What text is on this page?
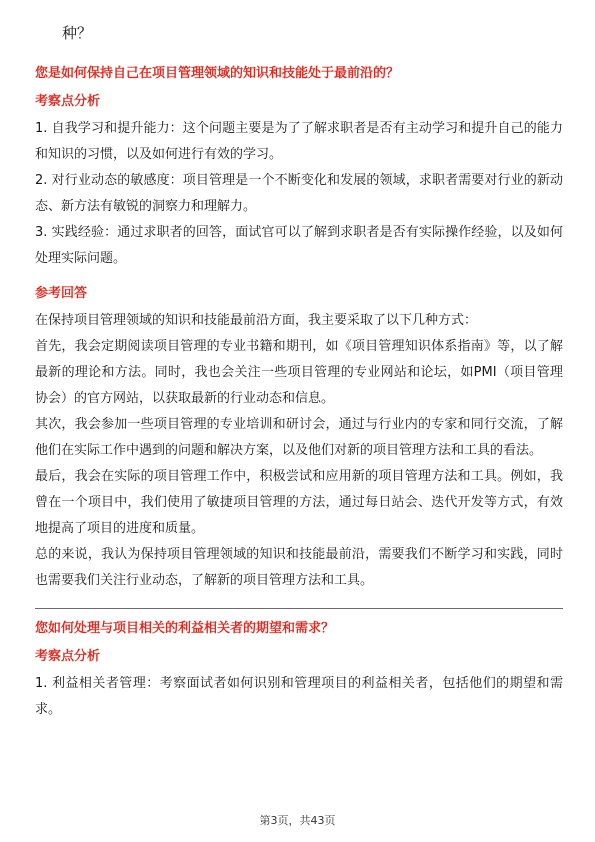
种？

您是如何保持自己在项目管理领域的知识和技能处于最前沿的？

考察点分析

1. 自我学习和提升能力：这个问题主要是为了了解求职者是否有主动学习和提升自己的能力和知识的习惯，以及如何进行有效的学习。

2. 对行业动态的敏感度：项目管理是一个不断变化和发展的领域，求职者需要对行业的新动态、新方法有敏锐的洞察力和理解力。

3. 实践经验：通过求职者的回答，面试官可以了解到求职者是否有实际操作经验，以及如何处理实际问题。

参考回答

在保持项目管理领域的知识和技能最前沿方面，我主要采取了以下几种方式：

首先，我会定期阅读项目管理的专业书籍和期刊，如《项目管理知识体系指南》等，以了解最新的理论和方法。同时，我也会关注一些项目管理的专业网站和论坛，如PMI（项目管理协会）的官方网站，以获取最新的行业动态和信息。

其次，我会参加一些项目管理的专业培训和研讨会，通过与行业内的专家和同行交流，了解他们在实际工作中遇到的问题和解决方案，以及他们对新的项目管理方法和工具的看法。

最后，我会在实际的项目管理工作中，积极尝试和应用新的项目管理方法和工具。例如，我曾在一个项目中，我们使用了敏捷项目管理的方法，通过每日站会、迭代开发等方式，有效地提高了项目的进度和质量。

总的来说，我认为保持项目管理领域的知识和技能最前沿，需要我们不断学习和实践，同时也需要我们关注行业动态，了解新的项目管理方法和工具。

您如何处理与项目相关的利益相关者的期望和需求？

考察点分析

1. 利益相关者管理：考察面试者如何识别和管理项目的利益相关者，包括他们的期望和需求。

第3页，共43页
